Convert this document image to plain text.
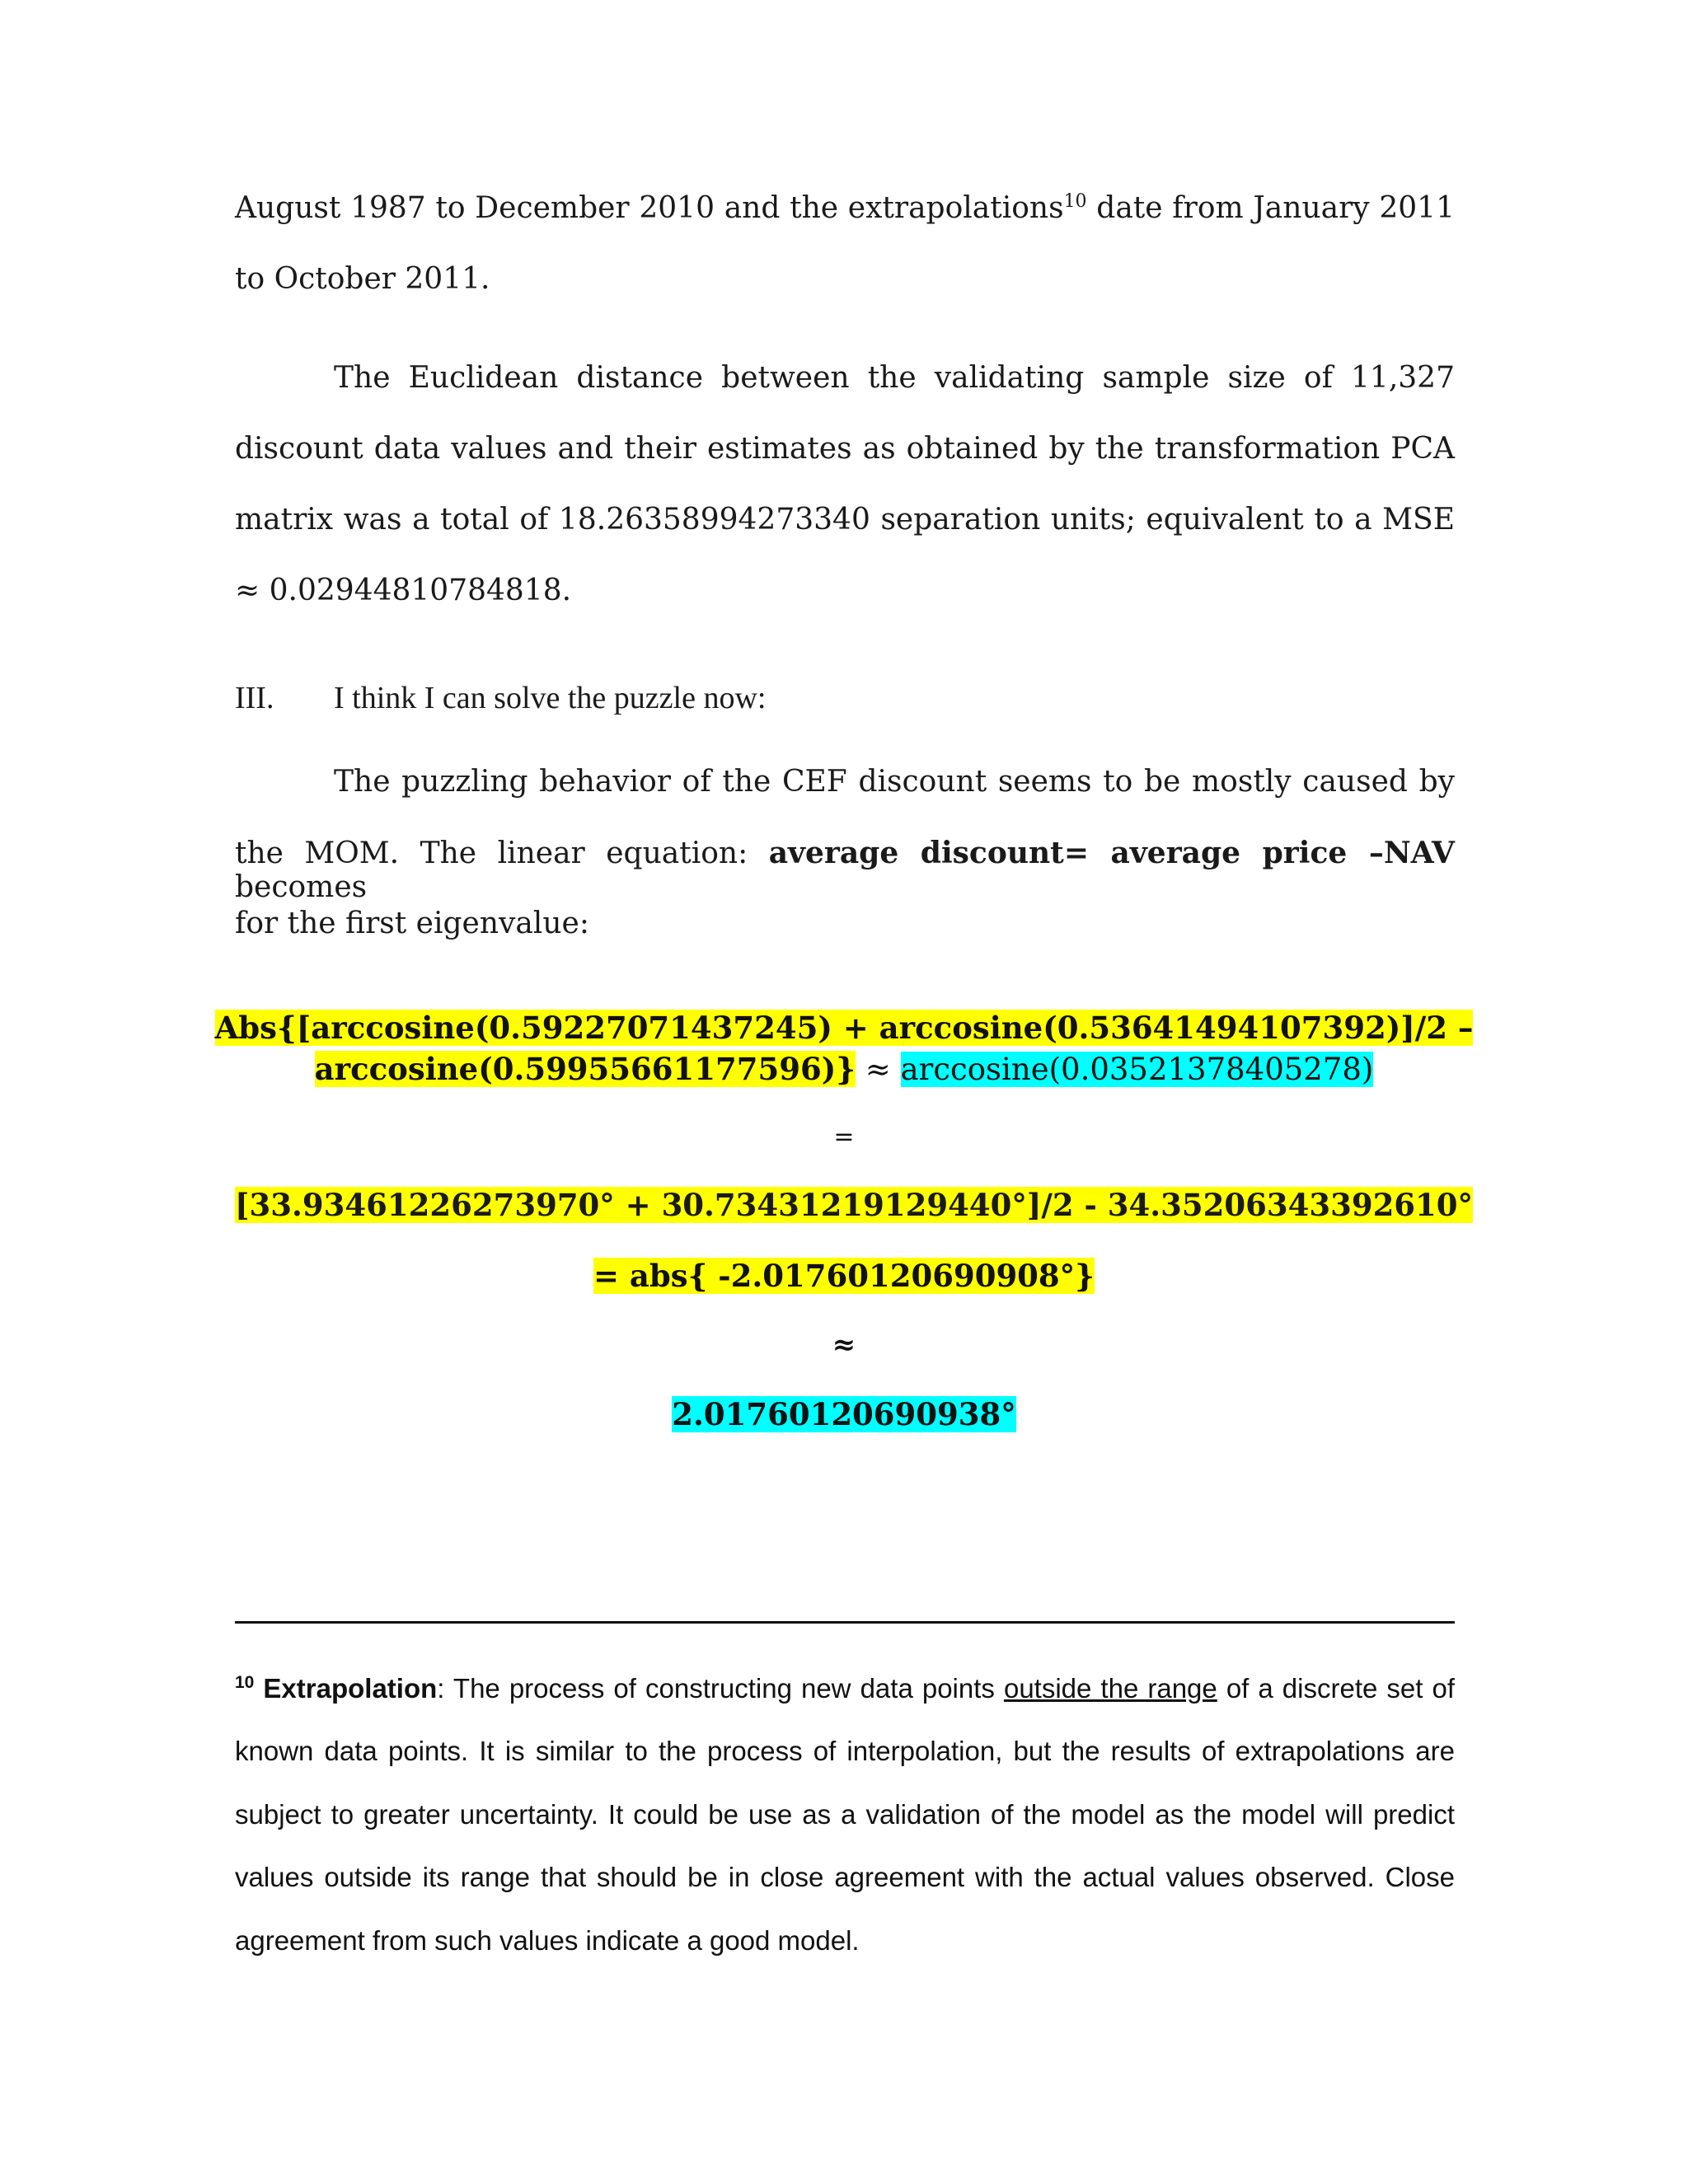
August 1987 to December 2010 and the extrapolations$^{10}$ date from January 2011
to October 2011.
The Euclidean distance between the validating sample size of 11,327
discount data values and their estimates as obtained by the transformation PCA
matrix was a total of 18.26358994273340 separation units; equivalent to a MSE
≈ 0.02944810784818.
III. I think I can solve the puzzle now:
The puzzling behavior of the CEF discount seems to be mostly caused by
the MOM. The linear equation: average discount= average price –NAV becomes
for the first eigenvalue:
Abs{[arccosine(0.59227071437245) + arccosine(0.53641494107392)]/2 –
arccosine(0.59955661177596)} ≈ arccosine(0.03521378405278)
=
[33.93461226273970° + 30.73431219129440°]/2 - 34.35206343392610°
= abs{ -2.01760120690908°}
≈
2.01760120690938°
$^{10}$ Extrapolation: The process of constructing new data points outside the range of a discrete set of
known data points. It is similar to the process of interpolation, but the results of extrapolations are
subject to greater uncertainty. It could be use as a validation of the model as the model will predict
values outside its range that should be in close agreement with the actual values observed. Close
agreement from such values indicate a good model.
